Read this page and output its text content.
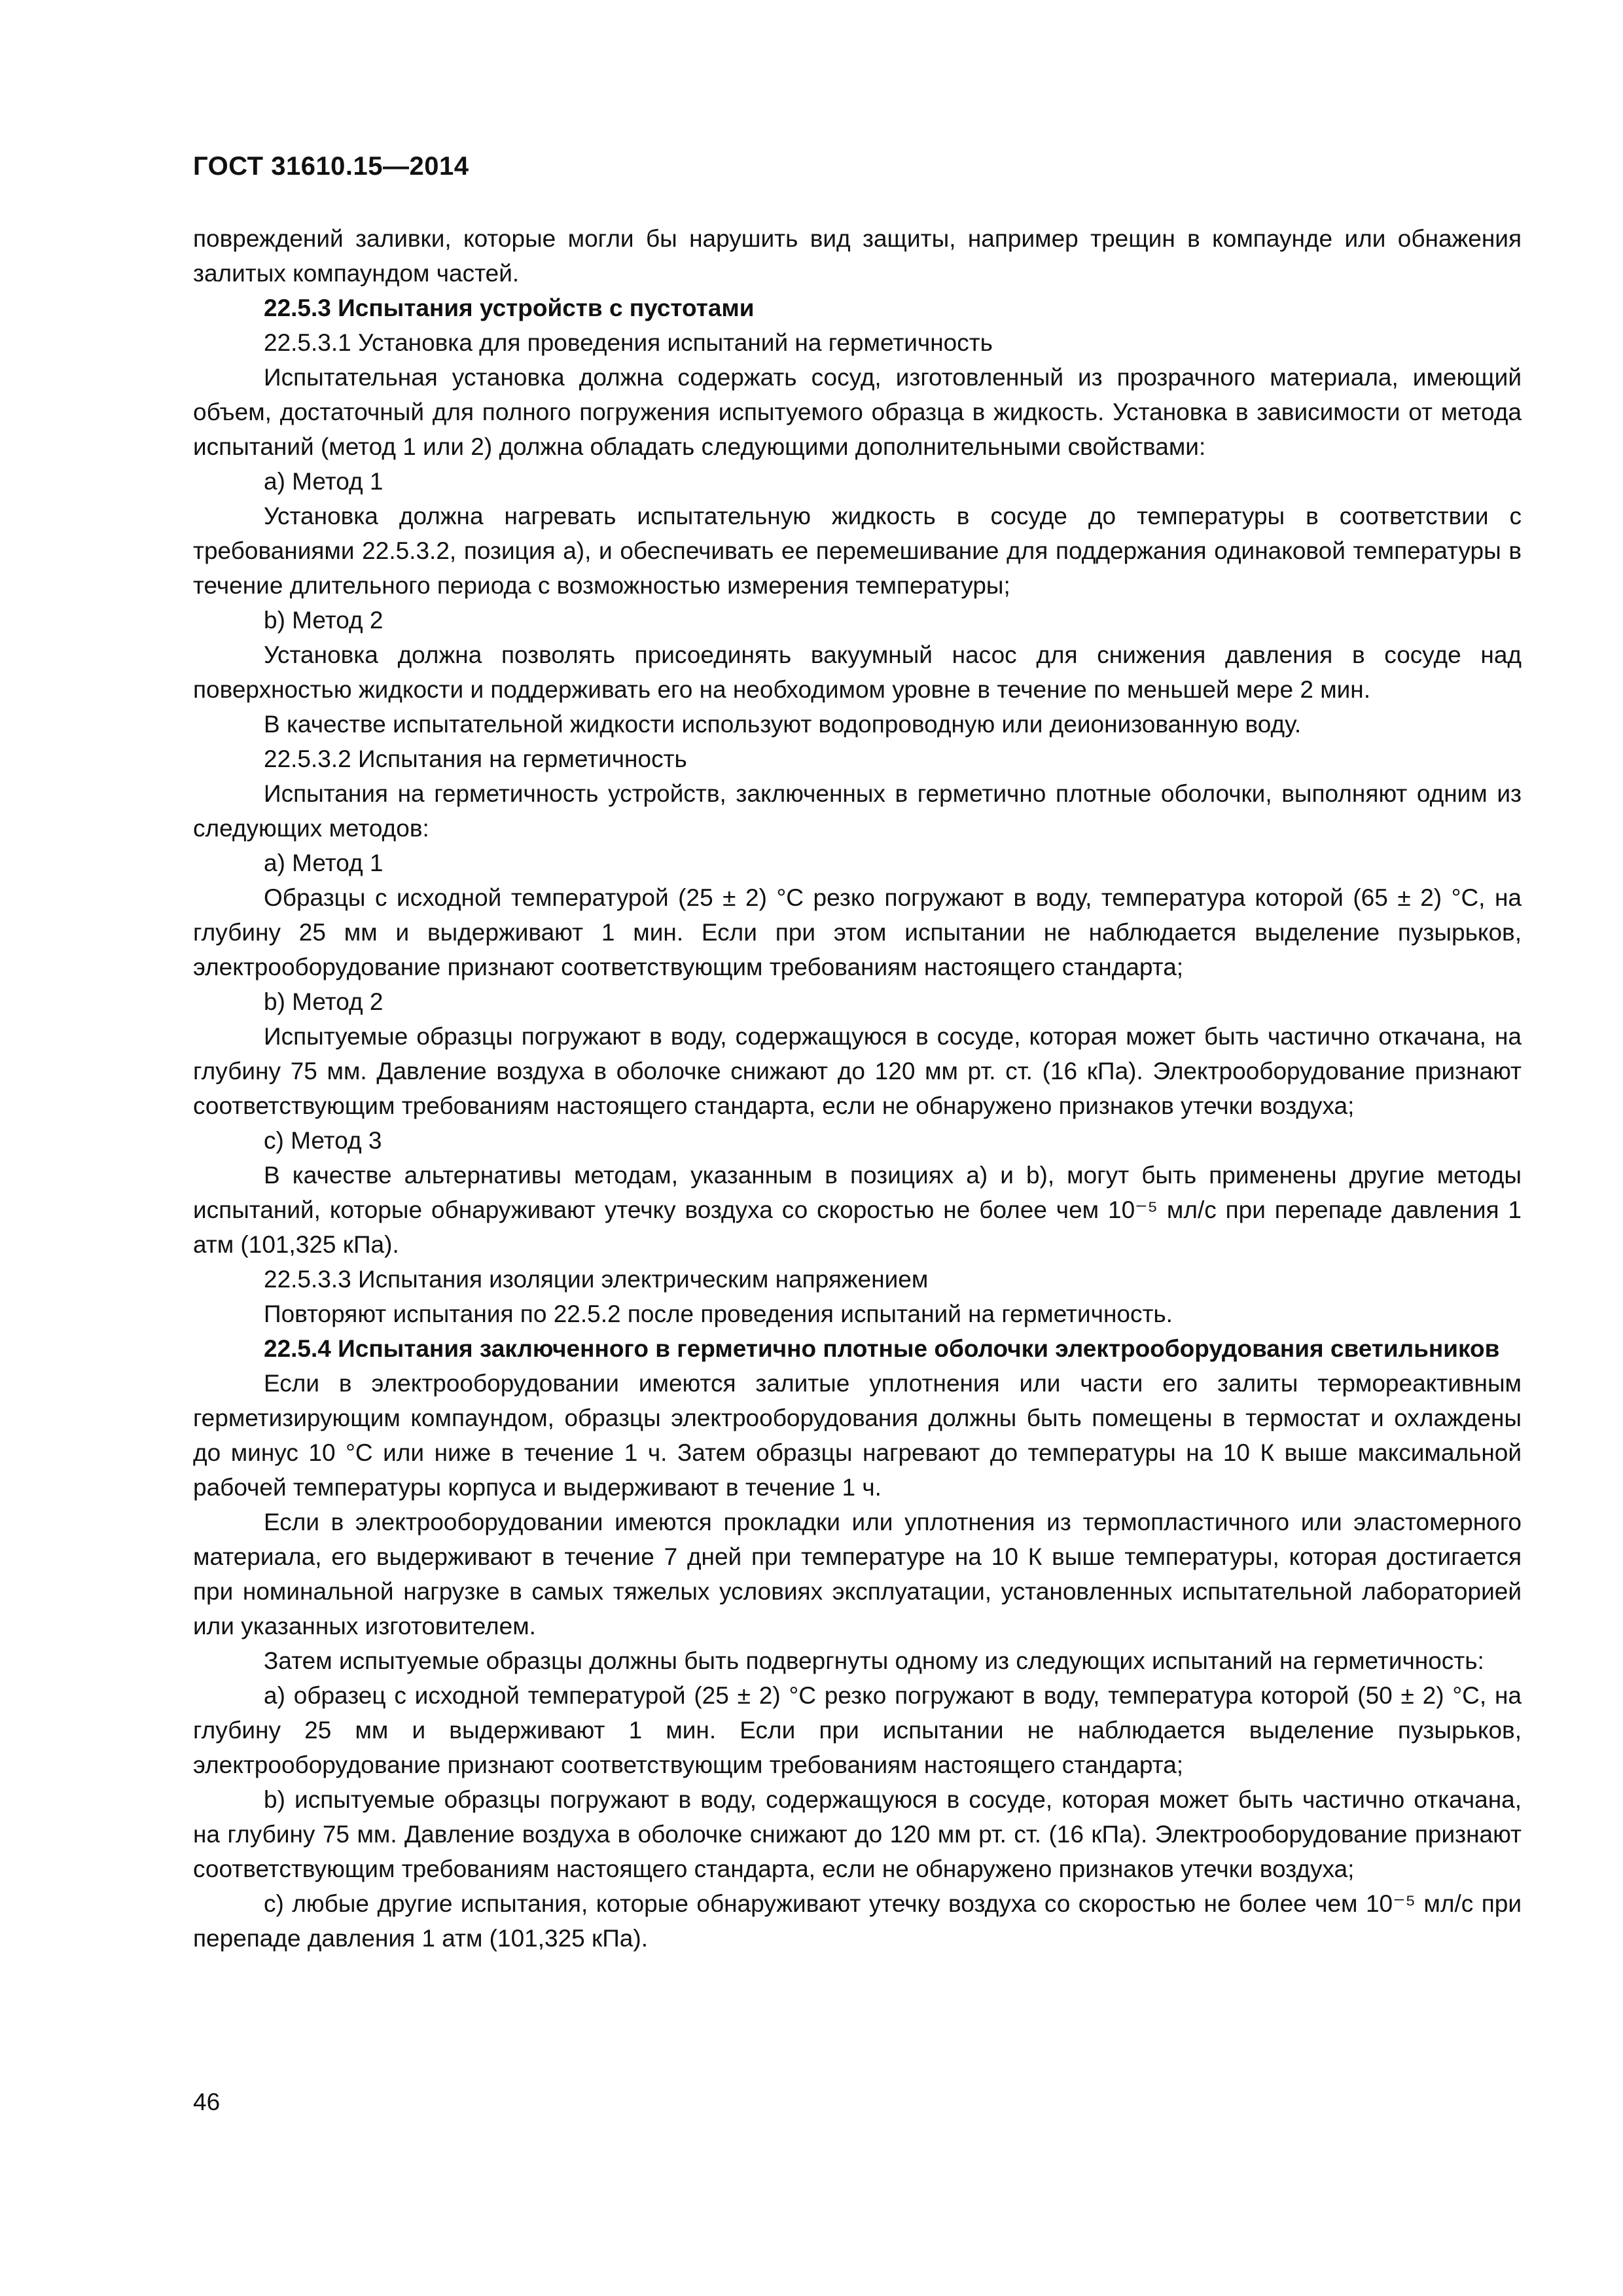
ГОСТ 31610.15—2014

повреждений заливки, которые могли бы нарушить вид защиты, например трещин в компаунде или обнажения залитых компаундом частей.

22.5.3 Испытания устройств с пустотами

22.5.3.1 Установка для проведения испытаний на герметичность

Испытательная установка должна содержать сосуд, изготовленный из прозрачного материала, имеющий объем, достаточный для полного погружения испытуемого образца в жидкость. Установка в зависимости от метода испытаний (метод 1 или 2) должна обладать следующими дополнительными свойствами:

а) Метод 1

Установка должна нагревать испытательную жидкость в сосуде до температуры в соответствии с требованиями 22.5.3.2, позиция а), и обеспечивать ее перемешивание для поддержания одинаковой температуры в течение длительного периода с возможностью измерения температуры;

b) Метод 2

Установка должна позволять присоединять вакуумный насос для снижения давления в сосуде над поверхностью жидкости и поддерживать его на необходимом уровне в течение по меньшей мере 2 мин.

В качестве испытательной жидкости используют водопроводную или деионизованную воду.

22.5.3.2 Испытания на герметичность

Испытания на герметичность устройств, заключенных в герметично плотные оболочки, выполняют одним из следующих методов:

а) Метод 1

Образцы с исходной температурой (25 ± 2) °С резко погружают в воду, температура которой (65 ± 2) °С, на глубину 25 мм и выдерживают 1 мин. Если при этом испытании не наблюдается выделение пузырьков, электрооборудование признают соответствующим требованиям настоящего стандарта;

b) Метод 2

Испытуемые образцы погружают в воду, содержащуюся в сосуде, которая может быть частично откачана, на глубину 75 мм. Давление воздуха в оболочке снижают до 120 мм рт. ст. (16 кПа). Электрооборудование признают соответствующим требованиям настоящего стандарта, если не обнаружено признаков утечки воздуха;

с) Метод 3

В качестве альтернативы методам, указанным в позициях а) и b), могут быть применены другие методы испытаний, которые обнаруживают утечку воздуха со скоростью не более чем 10⁻⁵ мл/с при перепаде давления 1 атм (101,325 кПа).

22.5.3.3 Испытания изоляции электрическим напряжением

Повторяют испытания по 22.5.2 после проведения испытаний на герметичность.

22.5.4 Испытания заключенного в герметично плотные оболочки электрооборудования светильников

Если в электрооборудовании имеются залитые уплотнения или части его залиты термореактивным герметизирующим компаундом, образцы электрооборудования должны быть помещены в термостат и охлаждены до минус 10 °С или ниже в течение 1 ч. Затем образцы нагревают до температуры на 10 К выше максимальной рабочей температуры корпуса и выдерживают в течение 1 ч.

Если в электрооборудовании имеются прокладки или уплотнения из термопластичного или эластомерного материала, его выдерживают в течение 7 дней при температуре на 10 К выше температуры, которая достигается при номинальной нагрузке в самых тяжелых условиях эксплуатации, установленных испытательной лабораторией или указанных изготовителем.

Затем испытуемые образцы должны быть подвергнуты одному из следующих испытаний на герметичность:

а) образец с исходной температурой (25 ± 2) °С резко погружают в воду, температура которой (50 ± 2) °С, на глубину 25 мм и выдерживают 1 мин. Если при испытании не наблюдается выделение пузырьков, электрооборудование признают соответствующим требованиям настоящего стандарта;

b) испытуемые образцы погружают в воду, содержащуюся в сосуде, которая может быть частично откачана, на глубину 75 мм. Давление воздуха в оболочке снижают до 120 мм рт. ст. (16 кПа). Электрооборудование признают соответствующим требованиям настоящего стандарта, если не обнаружено признаков утечки воздуха;

с) любые другие испытания, которые обнаруживают утечку воздуха со скоростью не более чем 10⁻⁵ мл/с при перепаде давления 1 атм (101,325 кПа).

46
